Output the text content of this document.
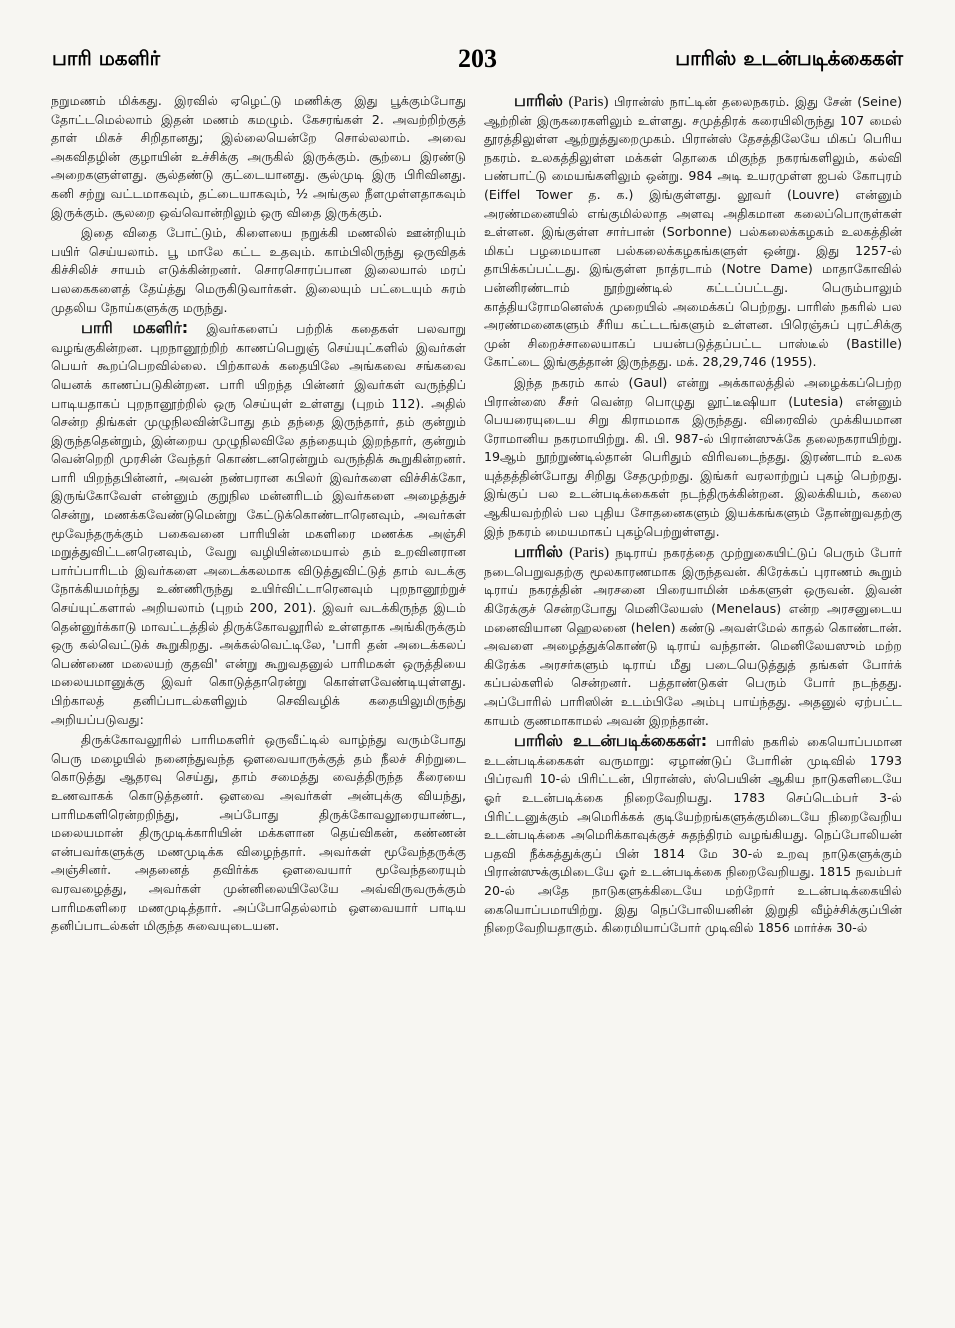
பாரி மகளிர்	203	பாரிஸ் உடன்படிக்கைகள்

நறுமணம் மிக்கது. இரவில் ஏழெட்டு மணிக்கு இது பூக்கும்போது தோட்டமெல்லாம் இதன் மணம் கமழும். கேசரங்கள் 2. அவற்றிற்குத் தாள் மிகச் சிறிதானது; இல்லையென்றே சொல்லலாம். அவை அகவிதழின் குழாயின் உச்சிக்கு அருகில் இருக்கும். சூற்பை இரண்டு அறைகளுள்ளது. சூல்தண்டு குட்டையானது. சூல்முடி இரு பிரிவினது. கனி சற்று வட்டமாகவும், தட்டையாகவும், ½ அங்குல நீளமுள்ளதாகவும் இருக்கும். சூலறை ஒவ்வொன்றிலும் ஒரு விதை இருக்கும்.

இதை விதை போட்டும், கிளையை நறுக்கி மணலில் ஊன்றியும் பயிர் செய்யலாம். பூ மாலே கட்ட உதவும். காம்பிலிருந்து ஒருவிதக் கிச்சிலிச் சாயம் எடுக்கின்றனர். சொரசொரப்பான இலையால் மரப் பலகைகளைத் தேய்த்து மெருகிடுவார்கள். இலையும் பட்டையும் சுரம் முதலிய நோய்களுக்கு மருந்து.

பாரி மகளிர்: இவர்களைப் பற்றிக் கதைகள் பலவாறு வழங்குகின்றன. புறநானூற்றிற் காணப்பெறுஞ் செய்யுட்களில் இவர்கள் பெயர் கூறப்பெறவில்லை. பிற்காலக் கதையிலே அங்கவை சங்கவை யெனக் காணப்படுகின்றன. பாரி யிறந்த பின்னர் இவர்கள் வருந்திப் பாடியதாகப் புறநானூற்றில் ஒரு செய்யுள் உள்ளது (புறம் 112). அதில் சென்ற திங்கள் முழுநிலவின்போது தம் தந்தை இருந்தார், தம் குன்றும் இருந்ததென்றும், இன்றைய முழுநிலவிலே தந்தையும் இறந்தார், குன்றும் வென்றெறி முரசின் வேந்தர் கொண்டனரென்றும் வருந்திக் கூறுகின்றனர். பாரி யிறந்தபின்னர், அவன் நண்பரான கபிலர் இவர்களை விச்சிக்கோ, இருங்கோவேள் என்னும் குறுநில மன்னரிடம் இவர்களை அழைத்துச் சென்று, மணக்கவேண்டுமென்று கேட்டுக்கொண்டாரெனவும், அவர்கள் மூவேந்தருக்கும் பகைவனை பாரியின் மகளிரை மணக்க அஞ்சி மறுத்துவிட்டனரெனவும், வேறு வழியின்மையால் தம் உறவினரான பார்ப்பாரிடம் இவர்களை அடைக்கலமாக விடுத்துவிட்டுத் தாம் வடக்கு நோக்கியமர்ந்து உண்ணிருந்து உயிர்விட்டாரெனவும் புறநானூற்றுச் செய்யுட்களால் அறியலாம் (புறம் 200, 201). இவர் வடக்கிருந்த இடம் தென்னுர்க்காடு மாவட்டத்தில் திருக்கோவலூரில் உள்ளதாக அங்கிருக்கும் ஒரு கல்வெட்டுக் கூறுகிறது. அக்கல்வெட்டிலே, 'பாரி தன் அடைக்கலப் பெண்ணை மலையற் குதவி' என்று கூறுவதனுல் பாரிமகள் ஒருத்தியை மலையமானுக்கு இவர் கொடுத்தாரென்று கொள்ளவேண்டியுள்ளது. பிற்காலத் தனிப்பாடல்களிலும் செவிவழிக் கதையிலுமிருந்து அறியப்படுவது:

திருக்கோவலூரில் பாரிமகளிர் ஒருவீட்டில் வாழ்ந்து வரும்போது பெரு மழையில் நனைந்துவந்த ஔவையாருக்குத் தம் நீலச் சிற்றுடை கொடுத்து ஆதரவு செய்து, தாம் சமைத்து வைத்திருந்த கீரையை உணவாகக் கொடுத்தனர். ஔவை அவர்கள் அன்புக்கு வியந்து, பாரிமகளிரென்றறிந்து, அப்போது திருக்கோவலூரையாண்ட, மலையமான் திருமுடிக்காரியின் மக்களான தெய்விகன், கண்ணன் என்பவர்களுக்கு மணமுடிக்க விழைந்தார். அவர்கள் மூவேந்தருக்கு அஞ்சினர். அதனைத் தவிர்க்க ஔவையார் மூவேந்தரையும் வரவழைத்து, அவர்கள் முன்னிலையிலேயே அவ்விருவருக்கும் பாரிமகளிரை மணமுடித்தார். அப்போதெல்லாம் ஔவையார் பாடிய தனிப்பாடல்கள் மிகுந்த சுவையுடையன.

பாரிஸ் (Paris) பிரான்ஸ் நாட்டின் தலைநகரம். இது சேன் (Seine) ஆற்றின் இருகரைகளிலும் உள்ளது. சமுத்திரக் கரையிலிருந்து 107 மைல் தூரத்திலுள்ள ஆற்றுத்துறைமுகம். பிரான்ஸ் தேசத்திலேயே மிகப் பெரிய நகரம். உலகத்திலுள்ள மக்கள் தொகை மிகுந்த நகரங்களிலும், கல்வி பண்பாட்டு மையங்களிலும் ஒன்று. 984 அடி உயரமுள்ள ஐபல் கோபுரம் (Eiffel Tower த. க.) இங்குள்ளது. லூவர் (Louvre) என்னும் அரண்மனையில் எங்குமில்லாத அளவு அதிகமான கலைப்பொருள்கள் உள்ளன. இங்குள்ள சார்பான் (Sorbonne) பல்கலைக்கழகம் உலகத்தின் மிகப் பழமையான பல்கலைக்கழகங்களுள் ஒன்று. இது 1257-ல் தாபிக்கப்பட்டது. இங்குள்ள நாத்ரடாம் (Notre Dame) மாதாகோவில் பன்னிரண்டாம் நூற்றுண்டில் கட்டப்பட்டது. பெரும்பாலும் காத்தியரோமனெஸ்க் முறையில் அமைக்கப் பெற்றது. பாரிஸ் நகரில் பல அரண்மனைகளும் சீரிய கட்டடங்களும் உள்ளன. பிரெஞ்சுப் புரட்சிக்கு முன் சிறைச்சாலையாகப் பயன்படுத்தப்பட்ட பாஸ்டீல் (Bastille) கோட்டை இங்குத்தான் இருந்தது. மக். 28,29,746 (1955).

இந்த நகரம் கால் (Gaul) என்று அக்காலத்தில் அழைக்கப்பெற்ற பிரான்ஸை சீசர் வென்ற பொழுது லூட்டீஷியா (Lutesia) என்னும் பெயரையுடைய சிறு கிராமமாக இருந்தது. விரைவில் முக்கியமான ரோமானிய நகரமாயிற்று. கி. பி. 987-ல் பிரான்ஸுக்கே தலைநகராயிற்று. 19ஆம் நூற்றுண்டில்தான் பெரிதும் விரிவடைந்தது. இரண்டாம் உலக யுத்தத்தின்போது சிறிது சேதமுற்றது. இங்கர் வரலாற்றுப் புகழ் பெற்றது. இங்குப் பல உடன்படிக்கைகள் நடந்திருக்கின்றன. இலக்கியம், கலை ஆகியவற்றில் பல புதிய சோதனைகளும் இயக்கங்களும் தோன்றுவதற்கு இந் நகரம் மையமாகப் புகழ்பெற்றுள்ளது.

பாரிஸ் (Paris) நடிராய் நகரத்தை முற்றுகையிட்டுப் பெரும் போர் நடைபெறுவதற்கு மூலகாரணமாக இருந்தவன். கிரேக்கப் புராணம் கூறும் டிராய் நகரத்தின் அரசனை பிரையாமின் மக்களுள் ஒருவன். இவன் கிரேக்குச் சென்றபோது மெனிலேயஸ் (Menelaus) என்ற அரசனுடைய மனைவியான ஹெலனை (helen) கண்டு அவள்மேல் காதல் கொண்டான். அவளை அழைத்துக்கொண்டு டிராய் வந்தான். மெனிலேயஸும் மற்ற கிரேக்க அரசர்களும் டிராய் மீது படையெடுத்துத் தங்கள் போர்க் கப்பல்களில் சென்றனர். பத்தாண்டுகள் பெரும் போர் நடந்தது. அப்போரில் பாரிஸின் உடம்பிலே அம்பு பாய்ந்தது. அதனுல் ஏற்பட்ட காயம் குணமாகாமல் அவன் இறந்தான்.

பாரிஸ் உடன்படிக்கைகள்: பாரிஸ் நகரில் கையொப்பமான உடன்படிக்கைகள் வருமாறு: ஏழாண்டுப் போரின் முடிவில் 1793 பிப்ரவரி 10-ல் பிரிட்டன், பிரான்ஸ், ஸ்பெயின் ஆகிய நாடுகளிடையே ஓர் உடன்படிக்கை நிறைவேறியது. 1783 செப்டெம்பர் 3-ல் பிரிட்டனுக்கும் அமெரிக்கக் குடியேற்றங்களுக்குமிடையே நிறைவேறிய உடன்படிக்கை அமெரிக்காவுக்குச் சுதந்திரம் வழங்கியது. நெப்போலியன் பதவி நீக்கத்துக்குப் பின் 1814 மே 30-ல் உறவு நாடுகளுக்கும் பிரான்ஸுக்குமிடையே ஓர் உடன்படிக்கை நிறைவேறியது. 1815 நவம்பர் 20-ல் அதே நாடுகளுக்கிடையே மற்றோர் உடன்படிக்கையில் கையொப்பமாயிற்று. இது நெப்போலியனின் இறுதி வீழ்ச்சிக்குப்பின் நிறைவேறியதாகும். கிரைமியாப்போர் முடிவில் 1856 மார்ச்சு 30-ல்
